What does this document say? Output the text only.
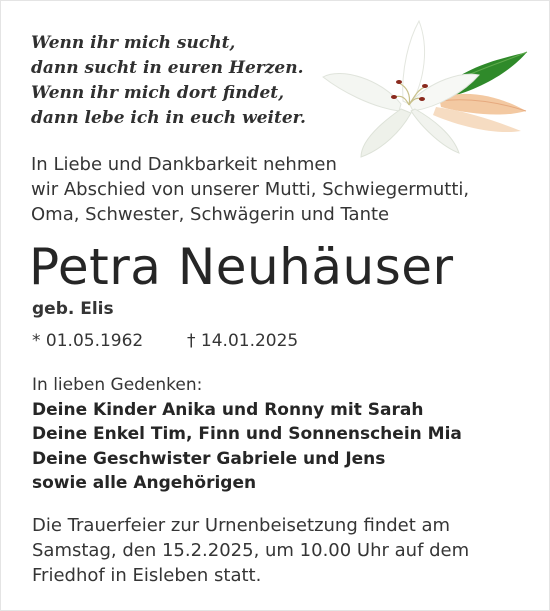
Wenn ihr mich sucht,
dann sucht in euren Herzen.
Wenn ihr mich dort findet,
dann lebe ich in euch weiter.
In Liebe und Dankbarkeit nehmen
wir Abschied von unserer Mutti, Schwiegermutti,
Oma, Schwester, Schwägerin und Tante
Petra Neuhäuser
geb. Elis
* 01.05.1962	† 14.01.2025
In lieben Gedenken:
Deine Kinder Anika und Ronny mit Sarah
Deine Enkel Tim, Finn und Sonnenschein Mia
Deine Geschwister Gabriele und Jens
sowie alle Angehörigen
Die Trauerfeier zur Urnenbeisetzung findet am
Samstag, den 15.2.2025, um 10.00 Uhr auf dem
Friedhof in Eisleben statt.
